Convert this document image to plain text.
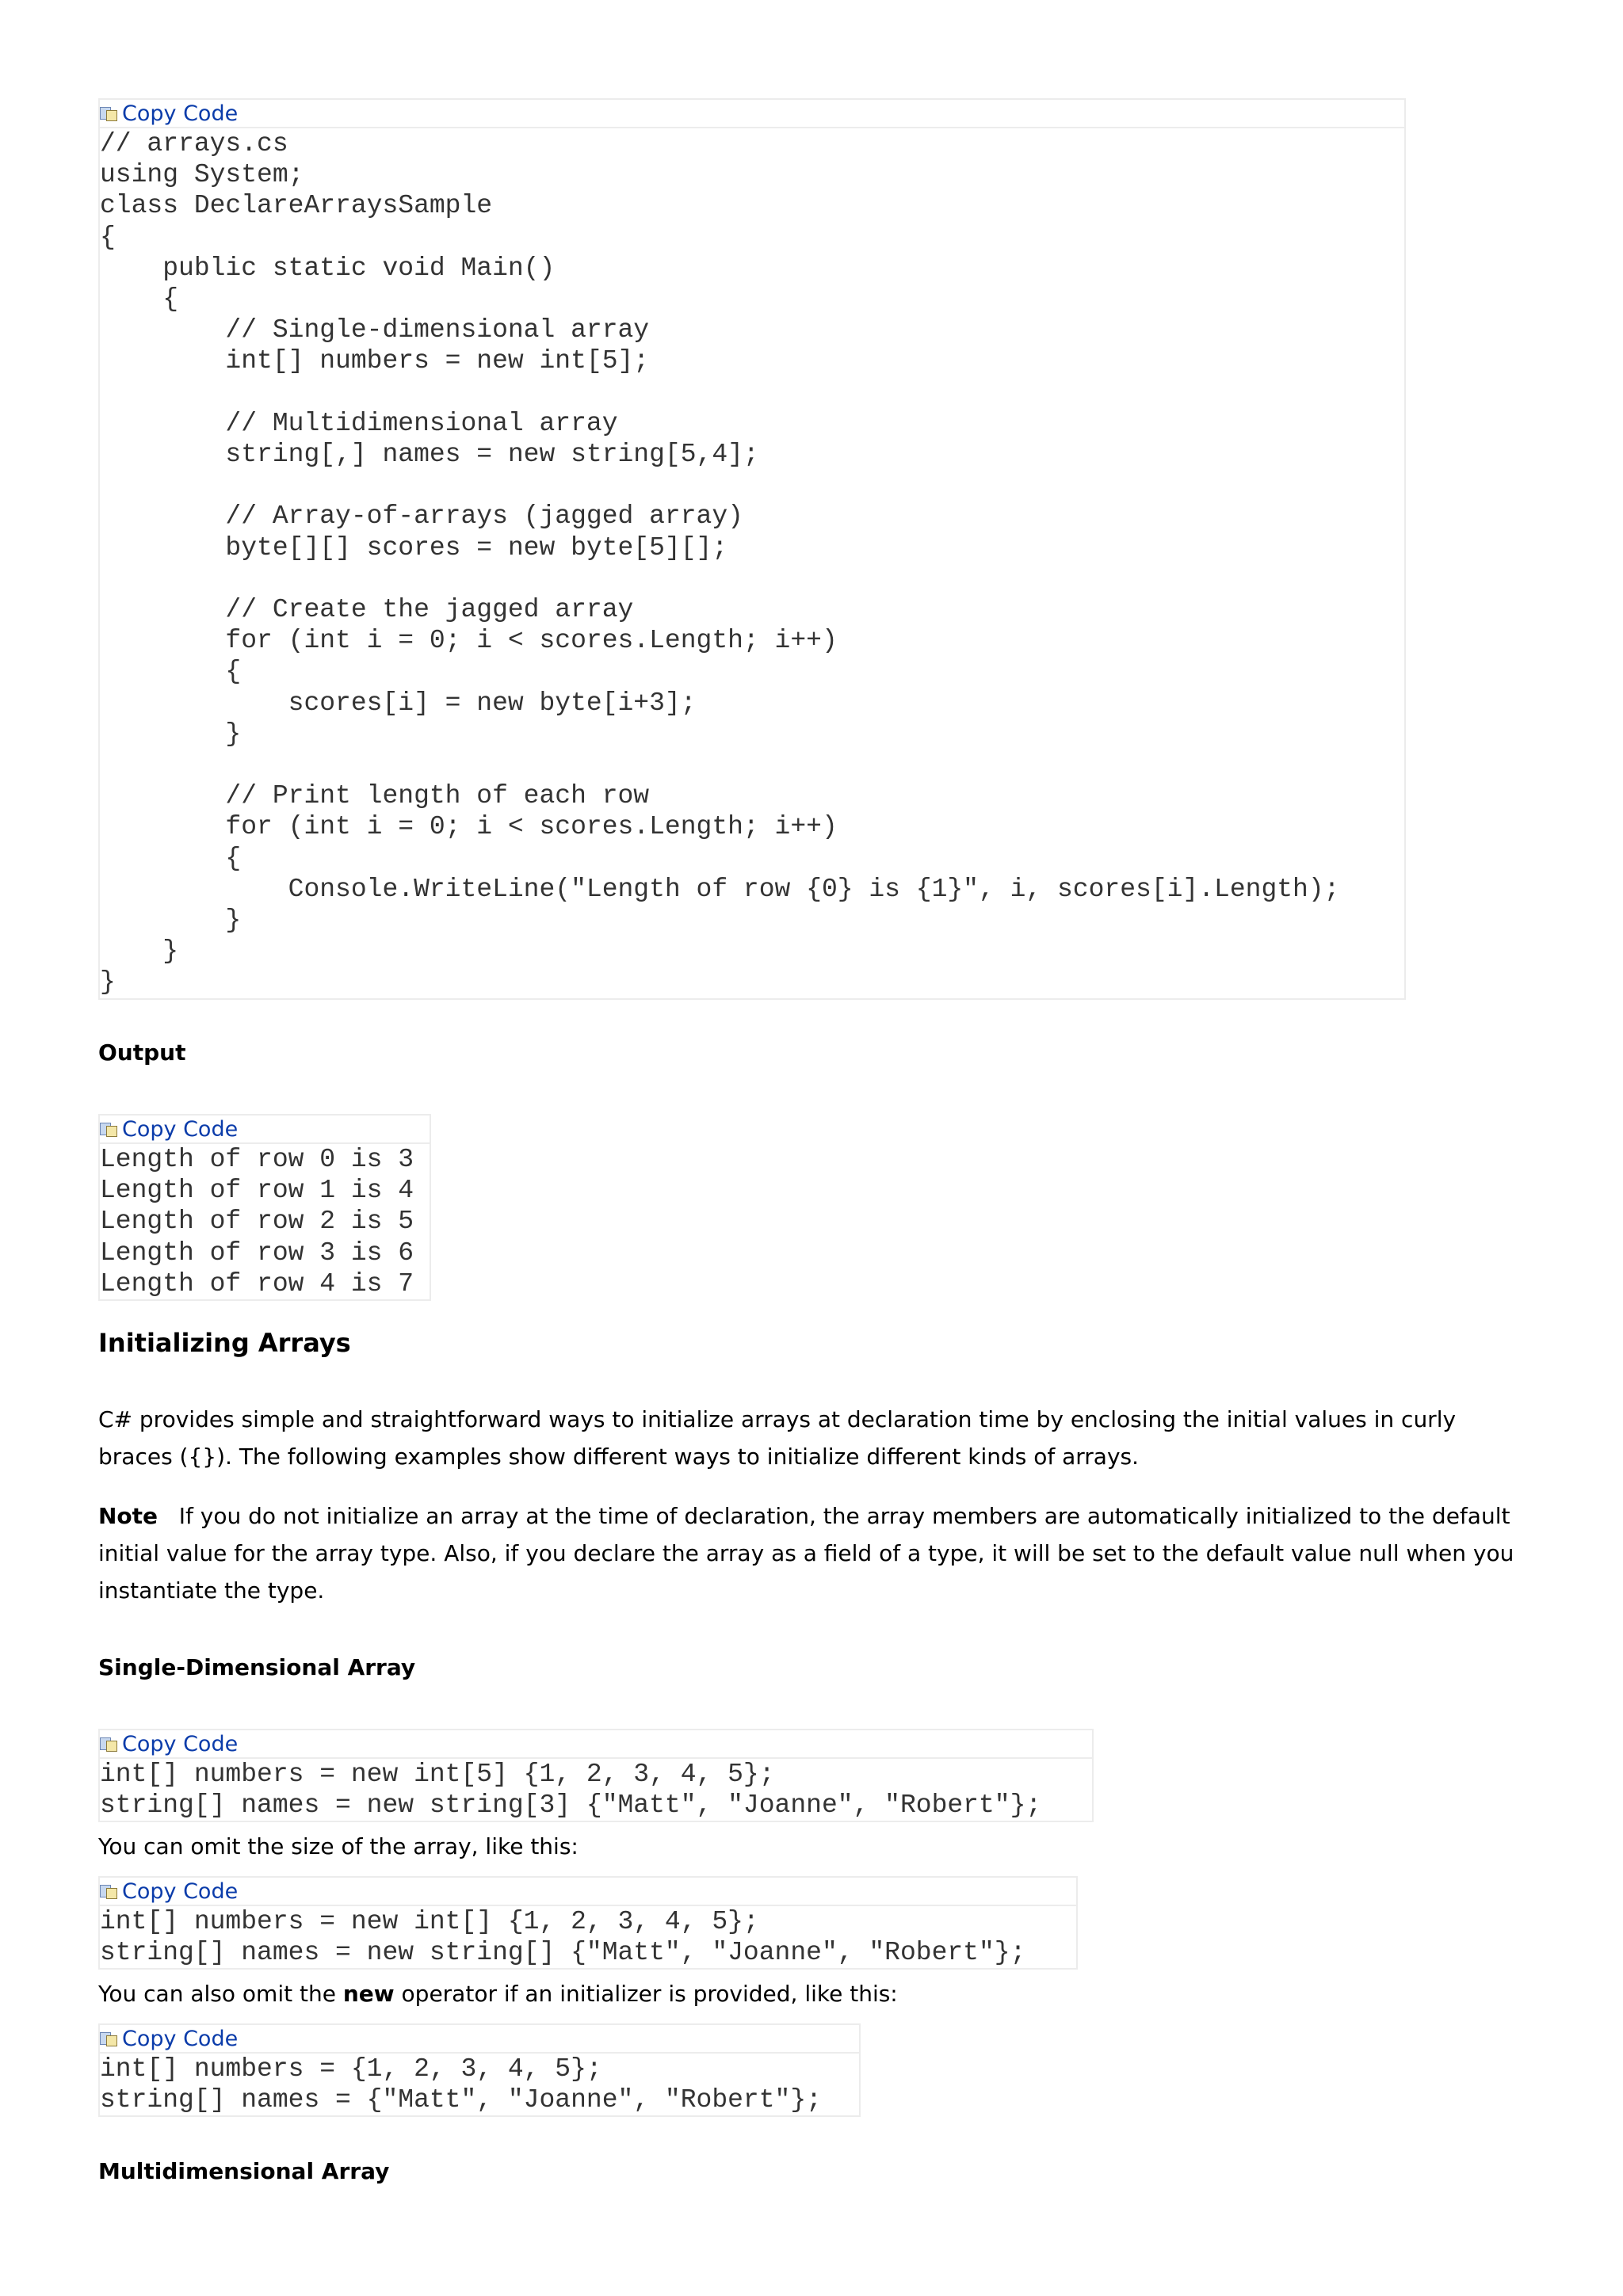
Copy Code
// arrays.cs
using System;
class DeclareArraysSample
{
public static void Main()
{
// Single-dimensional array
int[] numbers = new int[5];

// Multidimensional array
string[,] names = new string[5,4];

// Array-of-arrays (jagged array)
byte[][] scores = new byte[5][];

// Create the jagged array
for (int i = 0; i < scores.Length; i++)
{
scores[i] = new byte[i+3];
}

// Print length of each row
for (int i = 0; i < scores.Length; i++)
{
Console.WriteLine("Length of row {0} is {1}", i, scores[i].Length);
}
}
}
Output
Copy Code
Length of row 0 is 3
Length of row 1 is 4
Length of row 2 is 5
Length of row 3 is 6
Length of row 4 is 7
Initializing Arrays
C# provides simple and straightforward ways to initialize arrays at declaration time by enclosing the initial values in curly braces ({}). The following examples show different ways to initialize different kinds of arrays.
Note If you do not initialize an array at the time of declaration, the array members are automatically initialized to the default initial value for the array type. Also, if you declare the array as a field of a type, it will be set to the default value null when you instantiate the type.
Single-Dimensional Array
Copy Code
int[] numbers = new int[5] {1, 2, 3, 4, 5};
string[] names = new string[3] {"Matt", "Joanne", "Robert"};
You can omit the size of the array, like this:
Copy Code
int[] numbers = new int[] {1, 2, 3, 4, 5};
string[] names = new string[] {"Matt", "Joanne", "Robert"};
You can also omit the new operator if an initializer is provided, like this:
Copy Code
int[] numbers = {1, 2, 3, 4, 5};
string[] names = {"Matt", "Joanne", "Robert"};
Multidimensional Array
